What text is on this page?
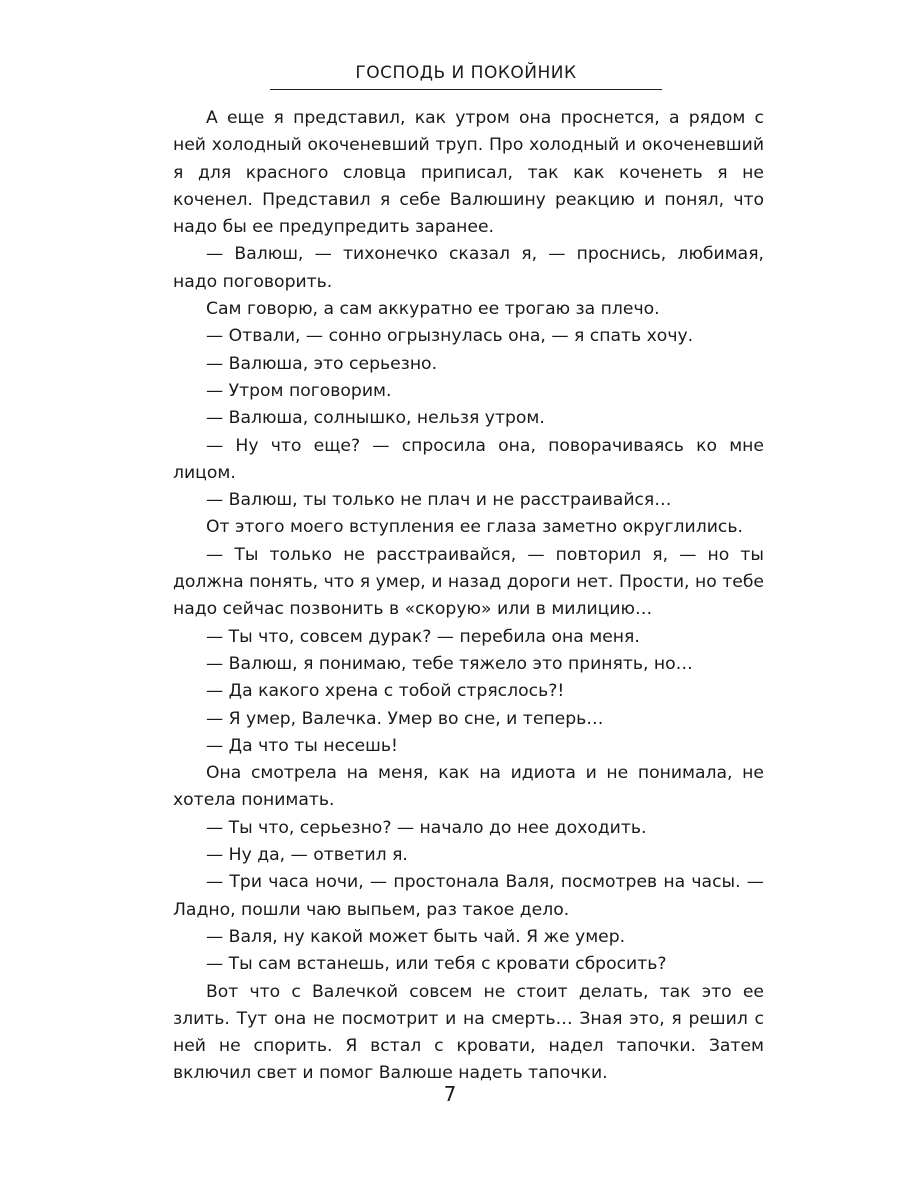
ГОСПОДЬ И ПОКОЙНИК

А еще я представил, как утром она проснется, а рядом с ней холодный окоченевший труп. Про холодный и окоченевший я для красного словца приписал, так как коченеть я не коченел. Представил я себе Валюшину реакцию и понял, что надо бы ее предупредить заранее.

— Валюш, — тихонечко сказал я, — проснись, любимая, надо поговорить.

Сам говорю, а сам аккуратно ее трогаю за плечо.

— Отвали, — сонно огрызнулась она, — я спать хочу.

— Валюша, это серьезно.

— Утром поговорим.

— Валюша, солнышко, нельзя утром.

— Ну что еще? — спросила она, поворачиваясь ко мне лицом.

— Валюш, ты только не плач и не расстраивайся…

От этого моего вступления ее глаза заметно округлились.

— Ты только не расстраивайся, — повторил я, — но ты должна понять, что я умер, и назад дороги нет. Прости, но тебе надо сейчас позвонить в «скорую» или в милицию…

— Ты что, совсем дурак? — перебила она меня.

— Валюш, я понимаю, тебе тяжело это принять, но…

— Да какого хрена с тобой стряслось?!

— Я умер, Валечка. Умер во сне, и теперь…

— Да что ты несешь!

Она смотрела на меня, как на идиота и не понимала, не хотела понимать.

— Ты что, серьезно? — начало до нее доходить.

— Ну да, — ответил я.

— Три часа ночи, — простонала Валя, посмотрев на часы. — Ладно, пошли чаю выпьем, раз такое дело.

— Валя, ну какой может быть чай. Я же умер.

— Ты сам встанешь, или тебя с кровати сбросить?

Вот что с Валечкой совсем не стоит делать, так это ее злить. Тут она не посмотрит и на смерть… Зная это, я решил с ней не спорить. Я встал с кровати, надел тапочки. Затем включил свет и помог Валюше надеть тапочки.

7
